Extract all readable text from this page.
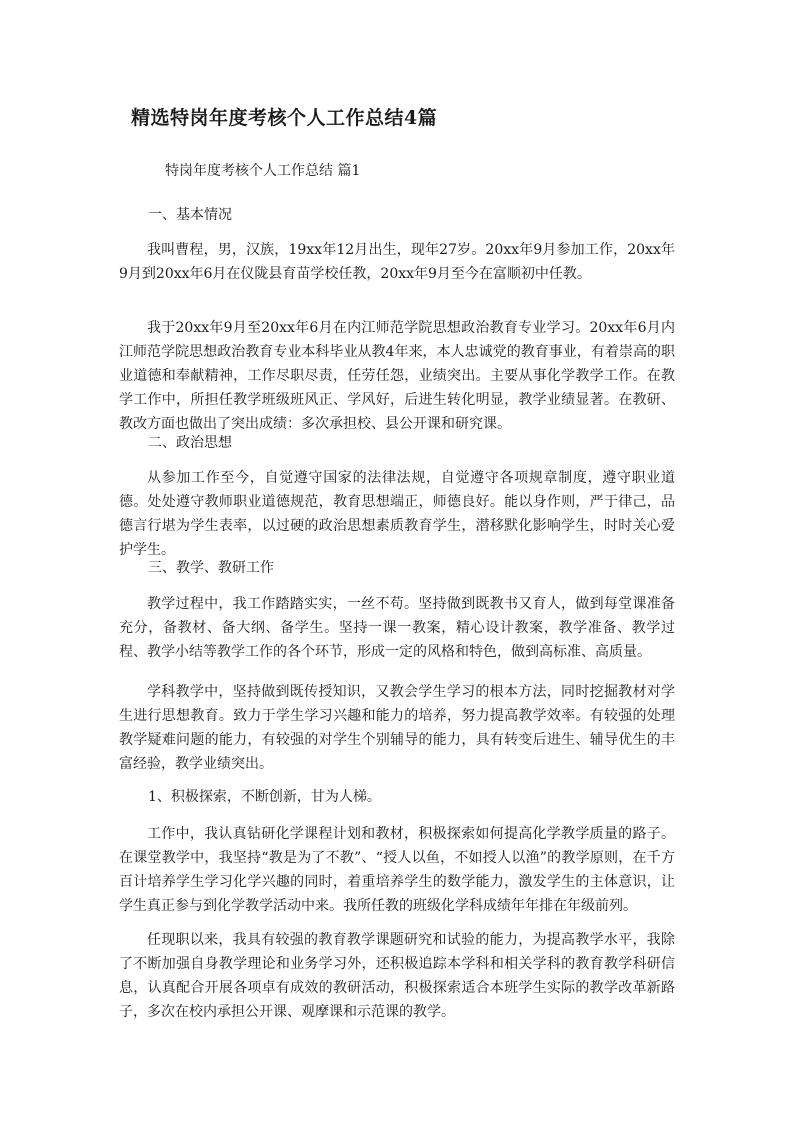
精选特岗年度考核个人工作总结4篇

特岗年度考核个人工作总结 篇1

一、基本情况

我叫曹程，男，汉族，19xx年12月出生，现年27岁。20xx年9月参加工作，20xx年9月到20xx年6月在仪陇县育苗学校任教，20xx年9月至今在富顺初中任教。

我于20xx年9月至20xx年6月在内江师范学院思想政治教育专业学习。20xx年6月内江师范学院思想政治教育专业本科毕业从教4年来，本人忠诚党的教育事业，有着崇高的职业道德和奉献精神，工作尽职尽责，任劳任怨，业绩突出。主要从事化学教学工作。在教学工作中，所担任教学班级班风正、学风好，后进生转化明显，教学业绩显著。在教研、教改方面也做出了突出成绩：多次承担校、县公开课和研究课。

二、政治思想

从参加工作至今，自觉遵守国家的法律法规，自觉遵守各项规章制度，遵守职业道德。处处遵守教师职业道德规范，教育思想端正，师德良好。能以身作则，严于律己，品德言行堪为学生表率，以过硬的政治思想素质教育学生，潜移默化影响学生，时时关心爱护学生。

三、教学、教研工作

教学过程中，我工作踏踏实实，一丝不苟。坚持做到既教书又育人，做到每堂课准备充分，备教材、备大纲、备学生。坚持一课一教案，精心设计教案，教学准备、教学过程、教学小结等教学工作的各个环节，形成一定的风格和特色，做到高标准、高质量。

学科教学中，坚持做到既传授知识，又教会学生学习的根本方法，同时挖掘教材对学生进行思想教育。致力于学生学习兴趣和能力的培养，努力提高教学效率。有较强的处理教学疑难问题的能力，有较强的对学生个别辅导的能力，具有转变后进生、辅导优生的丰富经验，教学业绩突出。

1、积极探索，不断创新，甘为人梯。

工作中，我认真钻研化学课程计划和教材，积极探索如何提高化学教学质量的路子。在课堂教学中，我坚持“教是为了不教”、“授人以鱼，不如授人以渔”的教学原则，在千方百计培养学生学习化学兴趣的同时，着重培养学生的数学能力，激发学生的主体意识，让学生真正参与到化学教学活动中来。我所任教的班级化学科成绩年年排在年级前列。

任现职以来，我具有较强的教育教学课题研究和试验的能力，为提高教学水平，我除了不断加强自身教学理论和业务学习外，还积极追踪本学科和相关学科的教育教学科研信息，认真配合开展各项卓有成效的教研活动，积极探索适合本班学生实际的教学改革新路子，多次在校内承担公开课、观摩课和示范课的教学。
